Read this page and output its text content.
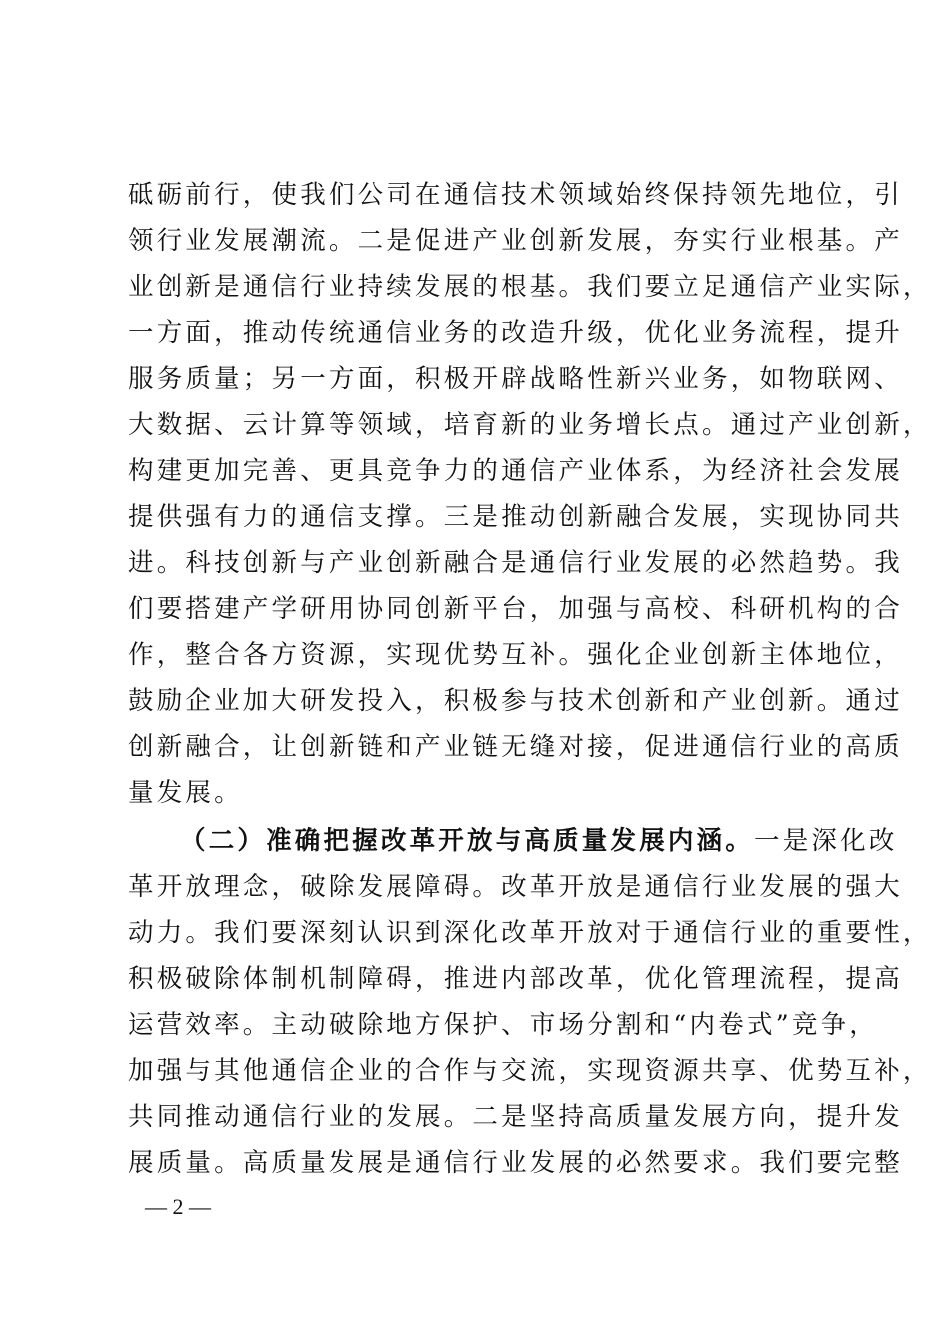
砥砺前行，使我们公司在通信技术领域始终保持领先地位，引
领行业发展潮流。二是促进产业创新发展，夯实行业根基。产
业创新是通信行业持续发展的根基。我们要立足通信产业实际，
一方面，推动传统通信业务的改造升级，优化业务流程，提升
服务质量；另一方面，积极开辟战略性新兴业务，如物联网、
大数据、云计算等领域，培育新的业务增长点。通过产业创新，
构建更加完善、更具竞争力的通信产业体系，为经济社会发展
提供强有力的通信支撑。三是推动创新融合发展，实现协同共
进。科技创新与产业创新融合是通信行业发展的必然趋势。我
们要搭建产学研用协同创新平台，加强与高校、科研机构的合
作，整合各方资源，实现优势互补。强化企业创新主体地位，
鼓励企业加大研发投入，积极参与技术创新和产业创新。通过
创新融合，让创新链和产业链无缝对接，促进通信行业的高质
量发展。
（二）准确把握改革开放与高质量发展内涵。一是深化改
革开放理念，破除发展障碍。改革开放是通信行业发展的强大
动力。我们要深刻认识到深化改革开放对于通信行业的重要性，
积极破除体制机制障碍，推进内部改革，优化管理流程，提高
运营效率。主动破除地方保护、市场分割和“内卷式”竞争，
加强与其他通信企业的合作与交流，实现资源共享、优势互补，
共同推动通信行业的发展。二是坚持高质量发展方向，提升发
展质量。高质量发展是通信行业发展的必然要求。我们要完整
— 2 —
